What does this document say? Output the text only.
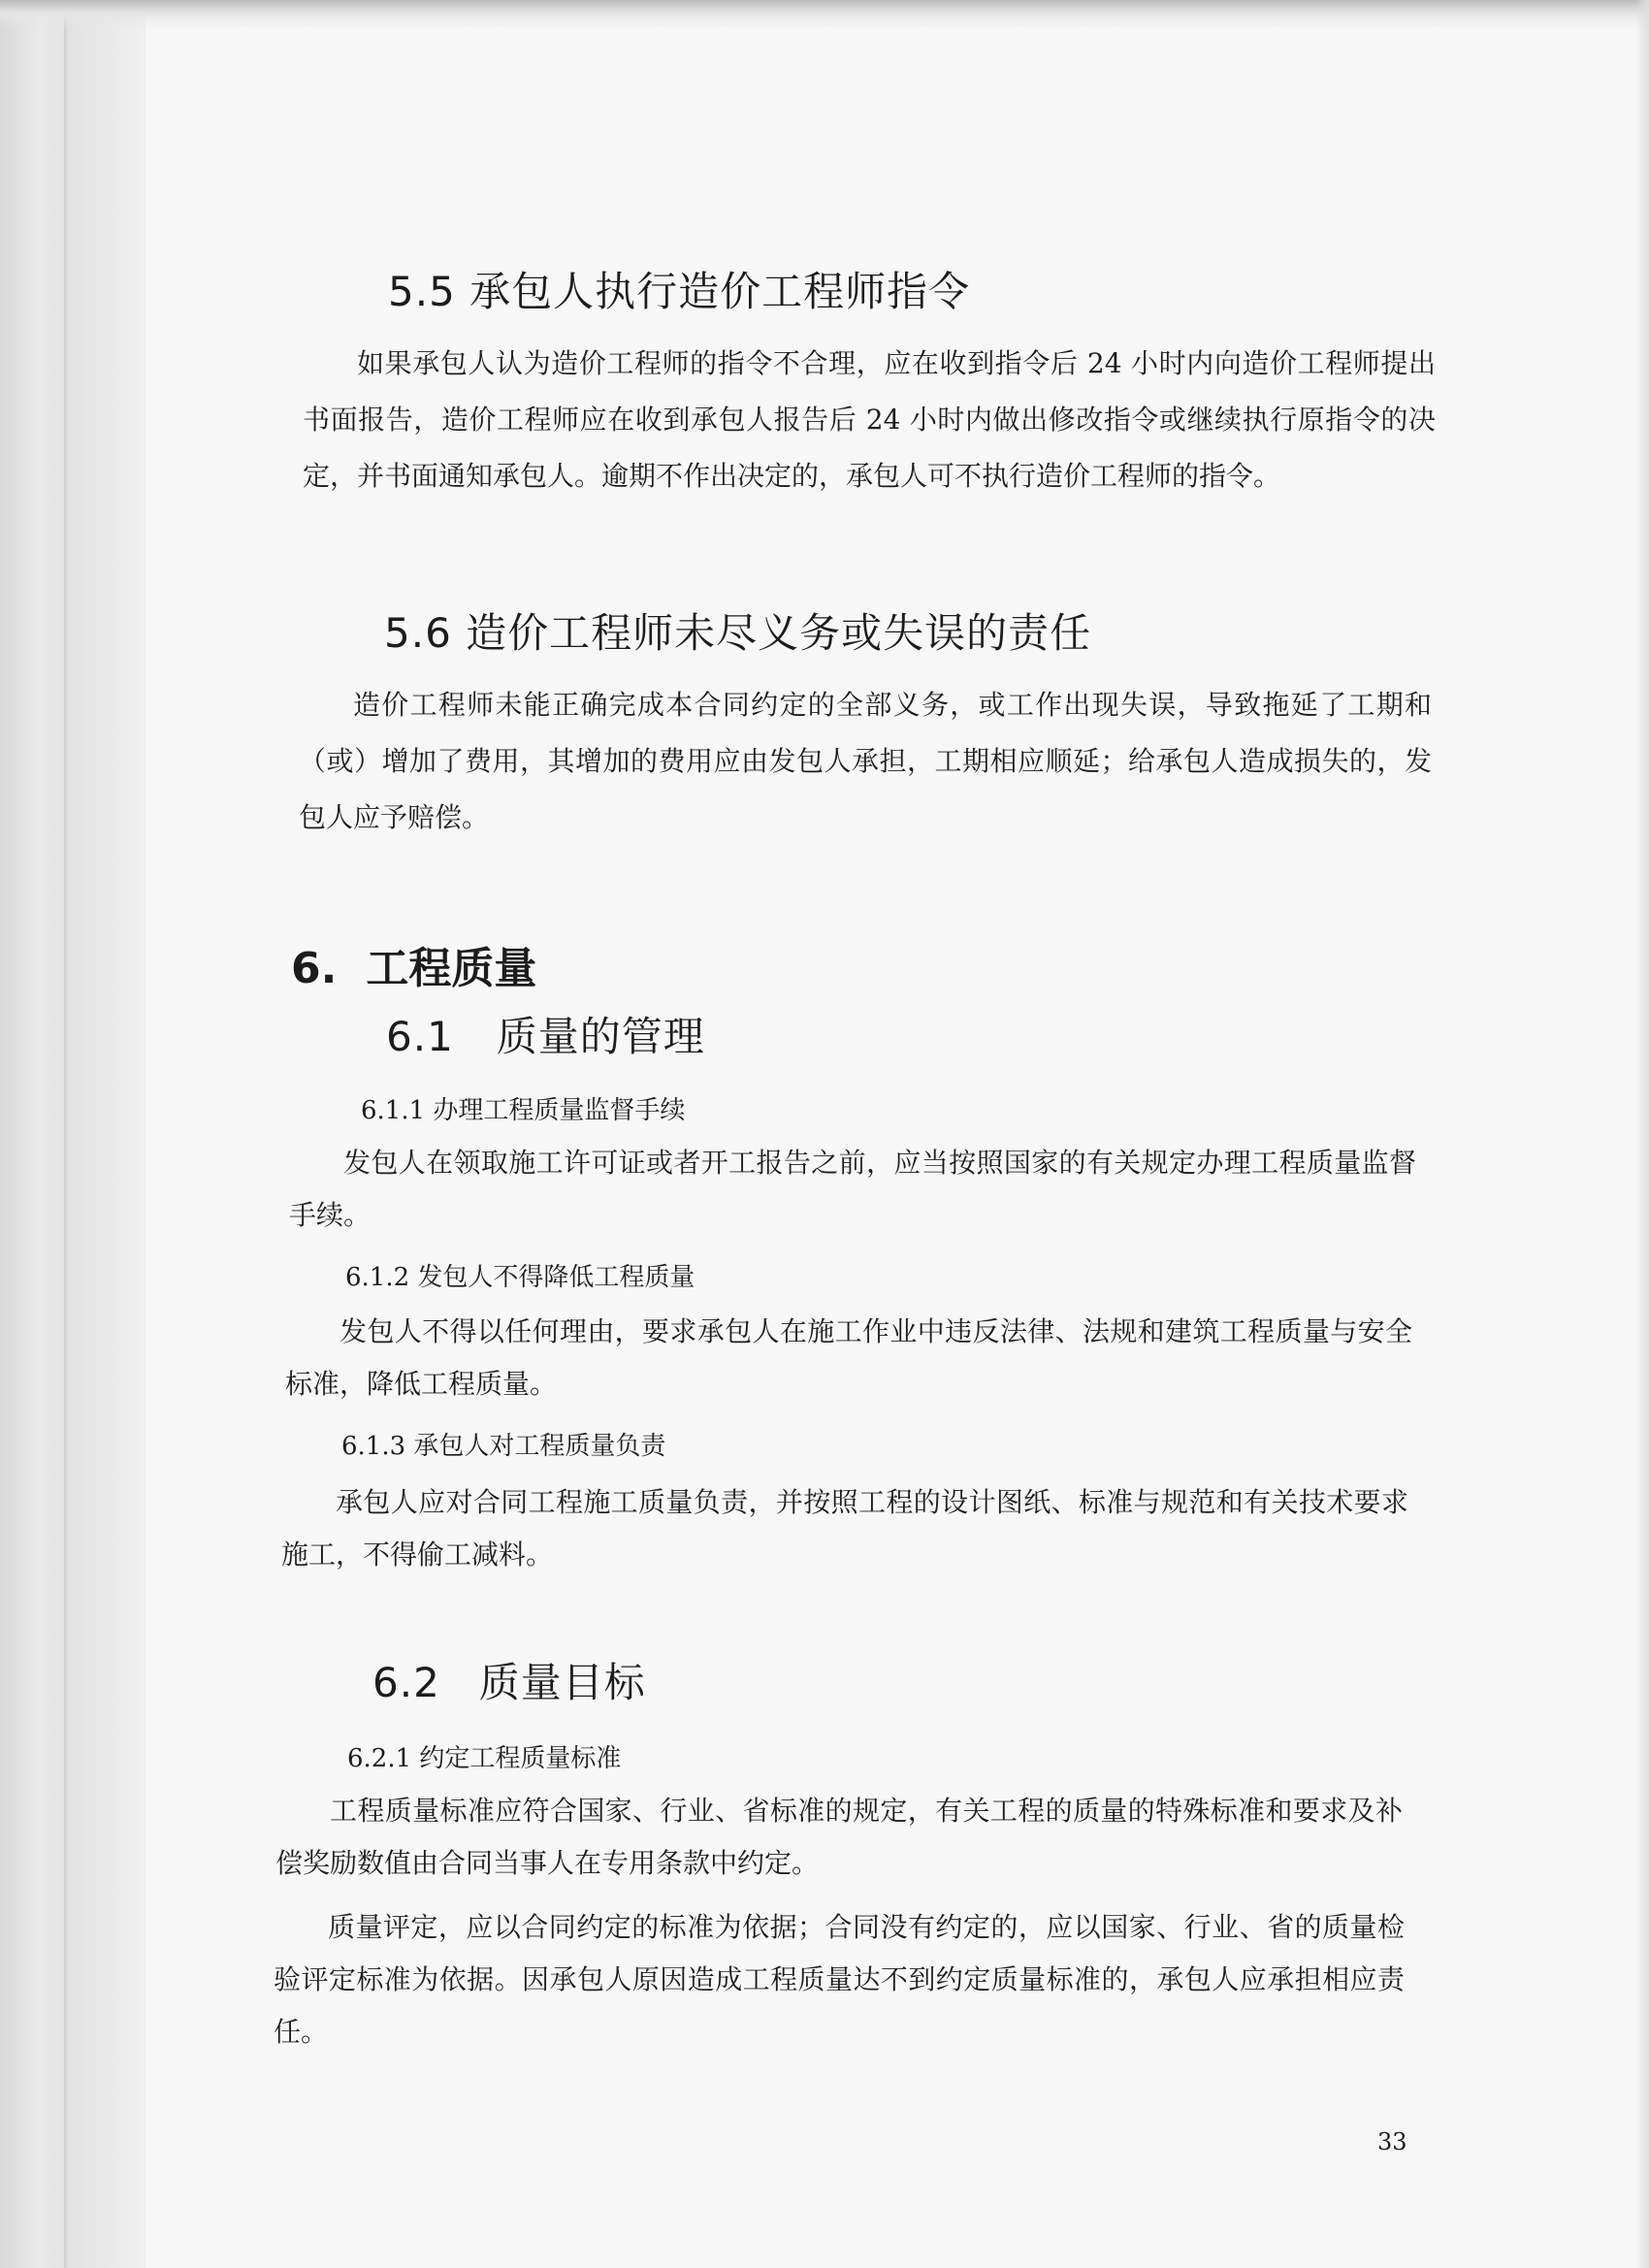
5.5 承包人执行造价工程师指令

如果承包人认为造价工程师的指令不合理，应在收到指令后 24 小时内向造价工程师提出书面报告，造价工程师应在收到承包人报告后 24 小时内做出修改指令或继续执行原指令的决定，并书面通知承包人。逾期不作出决定的，承包人可不执行造价工程师的指令。

5.6 造价工程师未尽义务或失误的责任

造价工程师未能正确完成本合同约定的全部义务，或工作出现失误，导致拖延了工期和（或）增加了费用，其增加的费用应由发包人承担，工期相应顺延；给承包人造成损失的，发包人应予赔偿。

6. 工程质量
6.1 质量的管理
6.1.1 办理工程质量监督手续

发包人在领取施工许可证或者开工报告之前，应当按照国家的有关规定办理工程质量监督手续。

6.1.2 发包人不得降低工程质量

发包人不得以任何理由，要求承包人在施工作业中违反法律、法规和建筑工程质量与安全标准，降低工程质量。

6.1.3 承包人对工程质量负责

承包人应对合同工程施工质量负责，并按照工程的设计图纸、标准与规范和有关技术要求施工，不得偷工减料。

6.2 质量目标
6.2.1 约定工程质量标准

工程质量标准应符合国家、行业、省标准的规定，有关工程的质量的特殊标准和要求及补偿奖励数值由合同当事人在专用条款中约定。

质量评定，应以合同约定的标准为依据；合同没有约定的，应以国家、行业、省的质量检验评定标准为依据。因承包人原因造成工程质量达不到约定质量标准的，承包人应承担相应责任。

33
